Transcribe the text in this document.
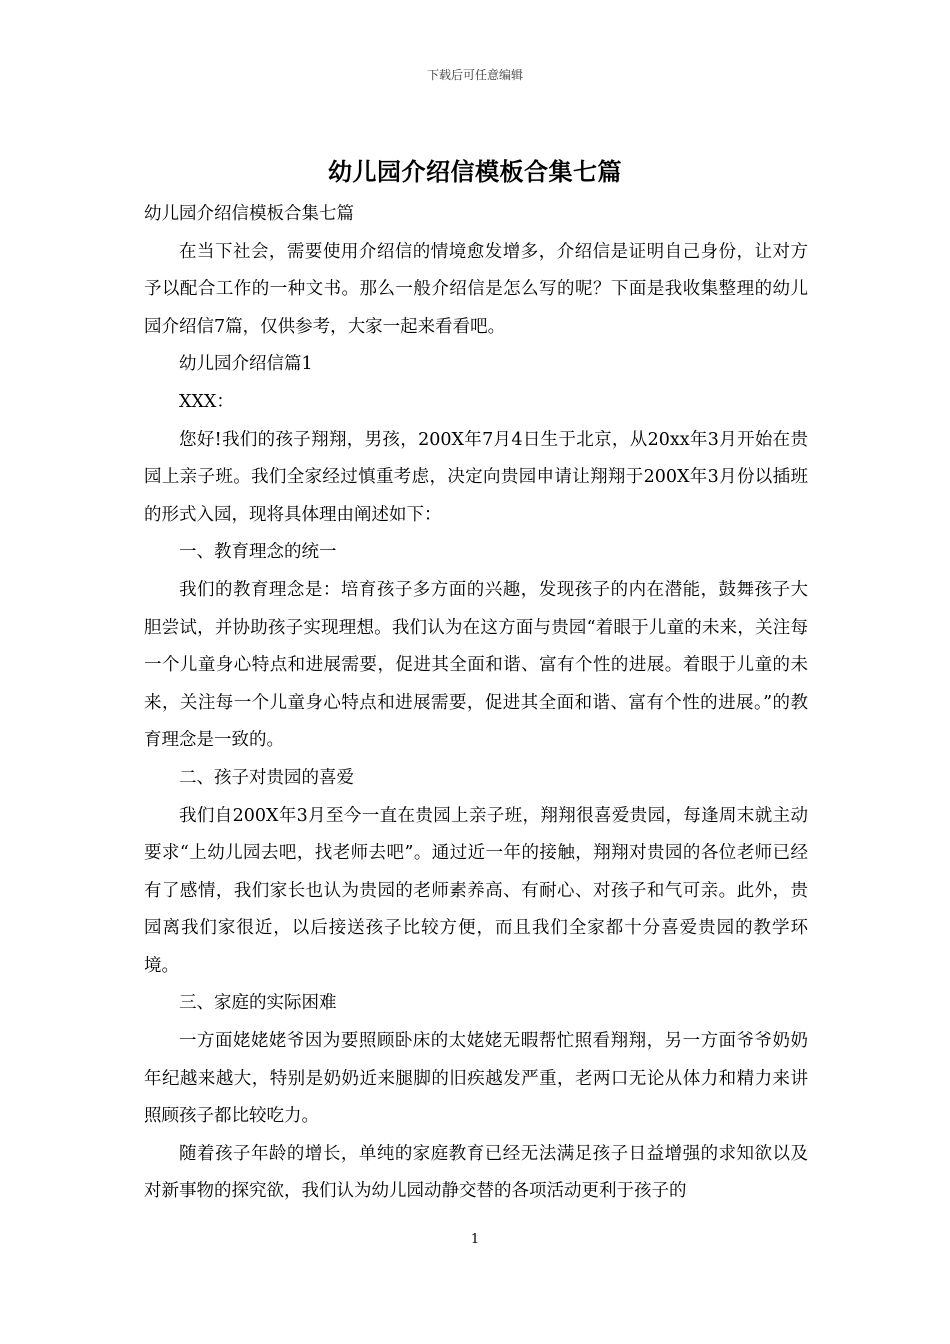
下载后可任意编辑
幼儿园介绍信模板合集七篇

幼儿园介绍信模板合集七篇

在当下社会，需要使用介绍信的情境愈发增多，介绍信是证明自己身份，让对方予以配合工作的一种文书。那么一般介绍信是怎么写的呢？下面是我收集整理的幼儿园介绍信7篇，仅供参考，大家一起来看看吧。

幼儿园介绍信篇1

XXX：

您好!我们的孩子翔翔，男孩，200X年7月4日生于北京，从20xx年3月开始在贵园上亲子班。我们全家经过慎重考虑，决定向贵园申请让翔翔于200X年3月份以插班的形式入园，现将具体理由阐述如下：

一、教育理念的统一

我们的教育理念是：培育孩子多方面的兴趣，发现孩子的内在潜能，鼓舞孩子大胆尝试，并协助孩子实现理想。我们认为在这方面与贵园“着眼于儿童的未来，关注每一个儿童身心特点和进展需要，促进其全面和谐、富有个性的进展。着眼于儿童的未来，关注每一个儿童身心特点和进展需要，促进其全面和谐、富有个性的进展。”的教育理念是一致的。

二、孩子对贵园的喜爱

我们自200X年3月至今一直在贵园上亲子班，翔翔很喜爱贵园，每逢周末就主动要求“上幼儿园去吧，找老师去吧”。通过近一年的接触，翔翔对贵园的各位老师已经有了感情，我们家长也认为贵园的老师素养高、有耐心、对孩子和气可亲。此外，贵园离我们家很近，以后接送孩子比较方便，而且我们全家都十分喜爱贵园的教学环境。

三、家庭的实际困难

一方面姥姥姥爷因为要照顾卧床的太姥姥无暇帮忙照看翔翔，另一方面爷爷奶奶年纪越来越大，特别是奶奶近来腿脚的旧疾越发严重，老两口无论从体力和精力来讲照顾孩子都比较吃力。

随着孩子年龄的增长，单纯的家庭教育已经无法满足孩子日益增强的求知欲以及对新事物的探究欲，我们认为幼儿园动静交替的各项活动更利于孩子的

1
